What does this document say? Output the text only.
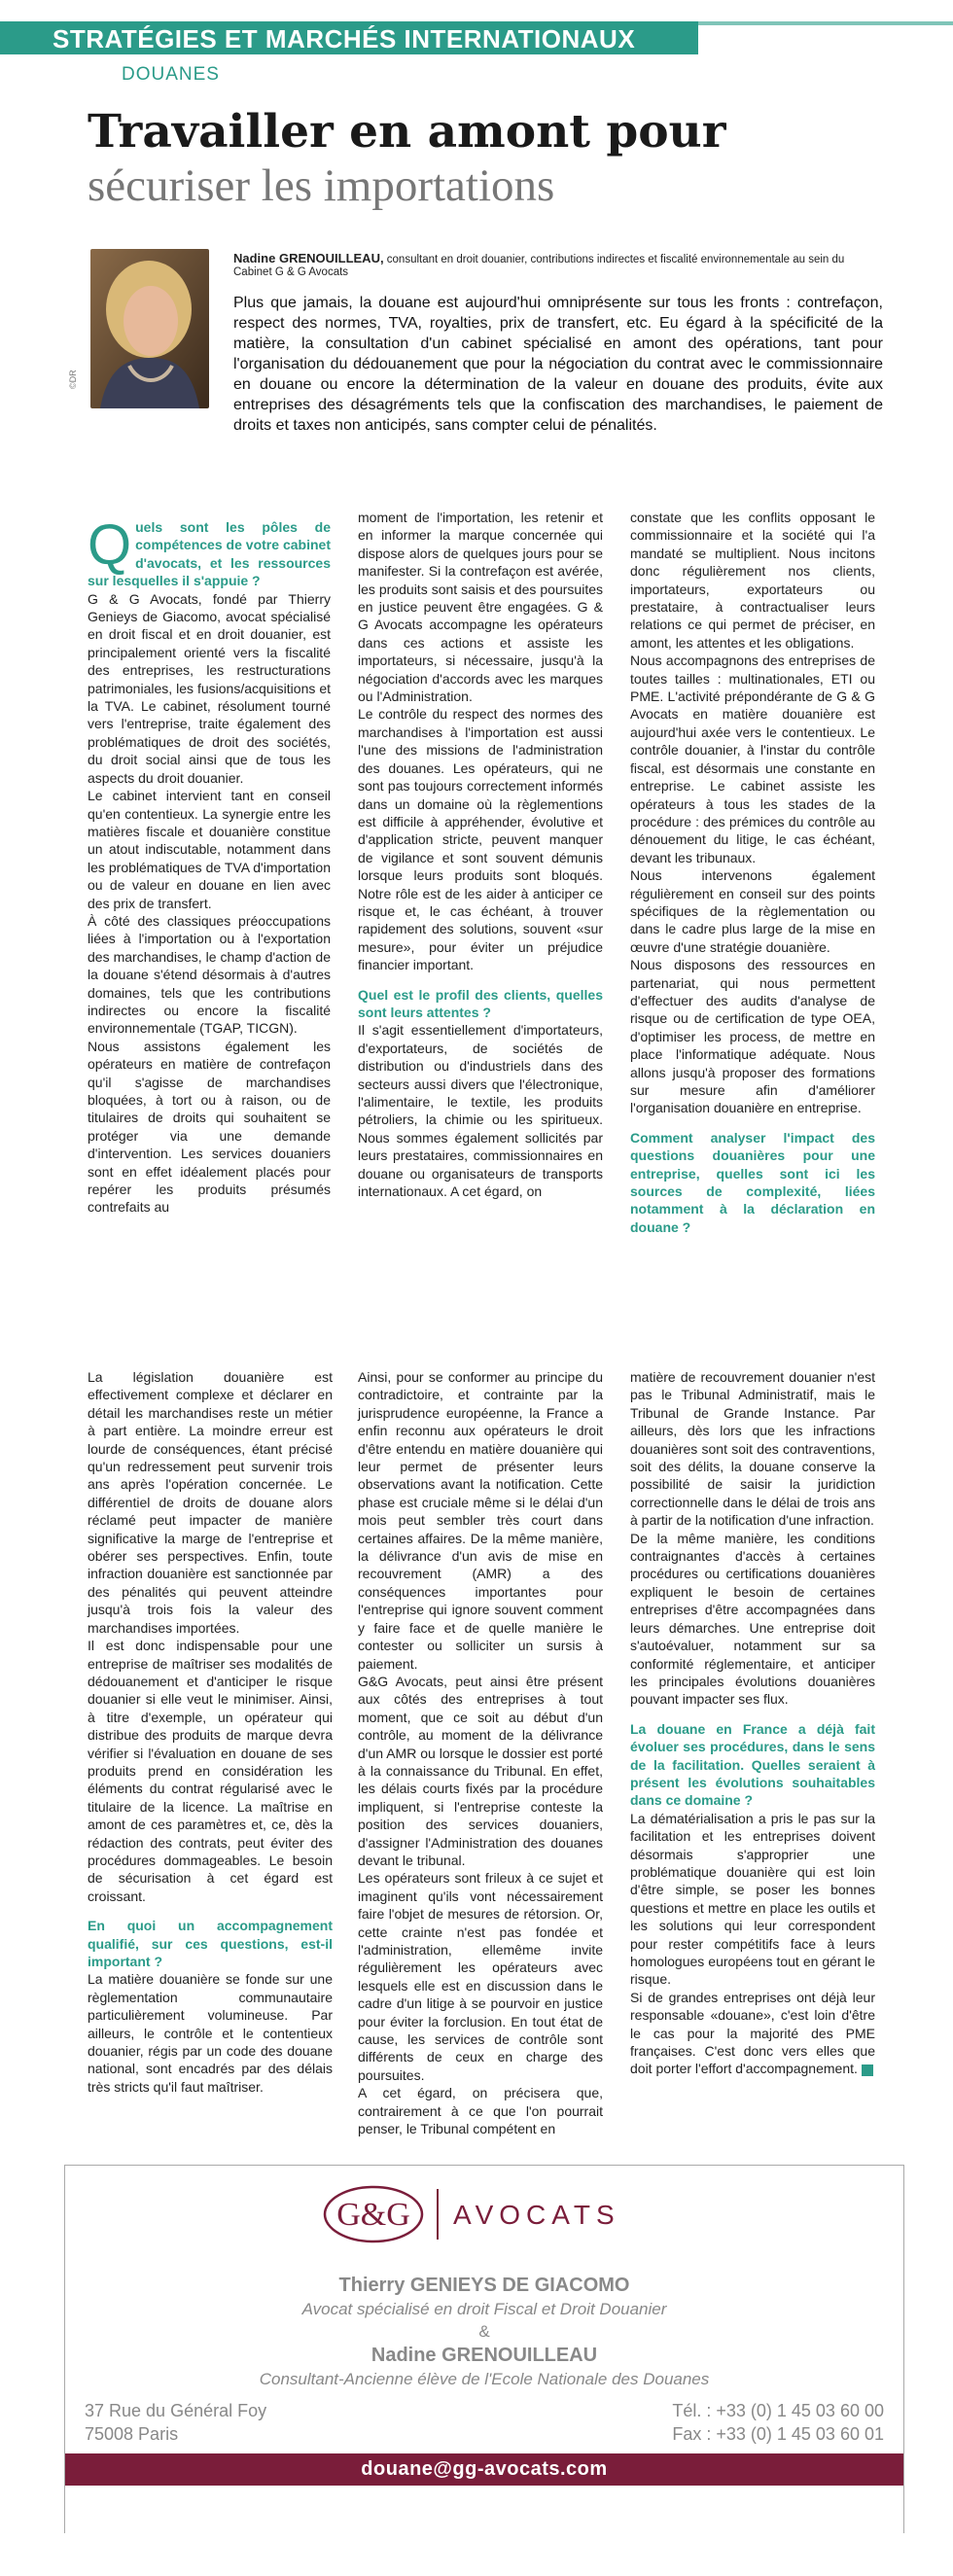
STRATÉGIES ET MARCHÉS INTERNATIONAUX
DOUANES
Travailler en amont pour
sécuriser les importations
©DR
Nadine GRENOUILLEAU, consultant en droit douanier, contributions indirectes et fiscalité environnementale au sein du Cabinet G & G Avocats
Plus que jamais, la douane est aujourd'hui omniprésente sur tous les fronts : contrefaçon, respect des normes, TVA, royalties, prix de transfert, etc. Eu égard à la spécificité de la matière, la consultation d'un cabinet spécialisé en amont des opérations, tant pour l'organisation du dédouanement que pour la négociation du contrat avec le commissionnaire en douane ou encore la détermination de la valeur en douane des produits, évite aux entreprises des désagréments tels que la confiscation des marchandises, le paiement de droits et taxes non anticipés, sans compter celui de pénalités.

Quels sont les pôles de compétences de votre cabinet d'avocats, et les ressources sur lesquelles il s'appuie ?

G & G Avocats, fondé par Thierry Genieys de Giacomo, avocat spécialisé en droit fiscal et en droit douanier, est principalement orienté vers la fiscalité des entreprises, les restructurations patrimoniales, les fusions/acquisitions et la TVA. Le cabinet, résolument tourné vers l'entreprise, traite également des problématiques de droit des sociétés, du droit social ainsi que de tous les aspects du droit douanier.

Le cabinet intervient tant en conseil qu'en contentieux. La synergie entre les matières fiscale et douanière constitue un atout indiscutable, notamment dans les problématiques de TVA d'importation ou de valeur en douane en lien avec des prix de transfert.

À côté des classiques préoccupations liées à l'importation ou à l'exportation des marchandises, le champ d'action de la douane s'étend désormais à d'autres domaines, tels que les contributions indirectes ou encore la fiscalité environnementale (TGAP, TICGN).

Nous assistons également les opérateurs en matière de contrefaçon qu'il s'agisse de marchandises bloquées, à tort ou à raison, ou de titulaires de droits qui souhaitent se protéger via une demande d'intervention. Les services douaniers sont en effet idéalement placés pour repérer les produits présumés contrefaits au

moment de l'importation, les retenir et en informer la marque concernée qui dispose alors de quelques jours pour se manifester. Si la contrefaçon est avérée, les produits sont saisis et des poursuites en justice peuvent être engagées. G & G Avocats accompagne les opérateurs dans ces actions et assiste les importateurs, si nécessaire, jusqu'à la négociation d'accords avec les marques ou l'Administration.

Le contrôle du respect des normes des marchandises à l'importation est aussi l'une des missions de l'administration des douanes. Les opérateurs, qui ne sont pas toujours correctement informés dans un domaine où la règlementions est difficile à appréhender, évolutive et d'application stricte, peuvent manquer de vigilance et sont souvent démunis lorsque leurs produits sont bloqués. Notre rôle est de les aider à anticiper ce risque et, le cas échéant, à trouver rapidement des solutions, souvent «sur mesure», pour éviter un préjudice financier important.

Quel est le profil des clients, quelles sont leurs attentes ?

Il s'agit essentiellement d'importateurs, d'exportateurs, de sociétés de distribution ou d'industriels dans des secteurs aussi divers que l'électronique, l'alimentaire, le textile, les produits pétroliers, la chimie ou les spiritueux. Nous sommes également sollicités par leurs prestataires, commissionnaires en douane ou organisateurs de transports internationaux. A cet égard, on

constate que les conflits opposant le commissionnaire et la société qui l'a mandaté se multiplient. Nous incitons donc régulièrement nos clients, importateurs, exportateurs ou prestataire, à contractualiser leurs relations ce qui permet de préciser, en amont, les attentes et les obligations.

Nous accompagnons des entreprises de toutes tailles : multinationales, ETI ou PME. L'activité prépondérante de G & G Avocats en matière douanière est aujourd'hui axée vers le contentieux. Le contrôle douanier, à l'instar du contrôle fiscal, est désormais une constante en entreprise. Le cabinet assiste les opérateurs à tous les stades de la procédure : des prémices du contrôle au dénouement du litige, le cas échéant, devant les tribunaux.

Nous intervenons également régulièrement en conseil sur des points spécifiques de la règlementation ou dans le cadre plus large de la mise en œuvre d'une stratégie douanière.

Nous disposons des ressources en partenariat, qui nous permettent d'effectuer des audits d'analyse de risque ou de certification de type OEA, d'optimiser les process, de mettre en place l'informatique adéquate. Nous allons jusqu'à proposer des formations sur mesure afin d'améliorer l'organisation douanière en entreprise.

Comment analyser l'impact des questions douanières pour une entreprise, quelles sont ici les sources de complexité, liées notamment à la déclaration en douane ?

La législation douanière est effectivement complexe et déclarer en détail les marchandises reste un métier à part entière. La moindre erreur est lourde de conséquences, étant précisé qu'un redressement peut survenir trois ans après l'opération concernée. Le différentiel de droits de douane alors réclamé peut impacter de manière significative la marge de l'entreprise et obérer ses perspectives. Enfin, toute infraction douanière est sanctionnée par des pénalités qui peuvent atteindre jusqu'à trois fois la valeur des marchandises importées.

Il est donc indispensable pour une entreprise de maîtriser ses modalités de dédouanement et d'anticiper le risque douanier si elle veut le minimiser. Ainsi, à titre d'exemple, un opérateur qui distribue des produits de marque devra vérifier si l'évaluation en douane de ses produits prend en considération les éléments du contrat régularisé avec le titulaire de la licence. La maîtrise en amont de ces paramètres et, ce, dès la rédaction des contrats, peut éviter des procédures dommageables. Le besoin de sécurisation à cet égard est croissant.

En quoi un accompagnement qualifié, sur ces questions, est-il important ?

La matière douanière se fonde sur une règlementation communautaire particulièrement volumineuse. Par ailleurs, le contrôle et le contentieux douanier, régis par un code des douane national, sont encadrés par des délais très stricts qu'il faut maîtriser.

Ainsi, pour se conformer au principe du contradictoire, et contrainte par la jurisprudence européenne, la France a enfin reconnu aux opérateurs le droit d'être entendu en matière douanière qui leur permet de présenter leurs observations avant la notification. Cette phase est cruciale même si le délai d'un mois peut sembler très court dans certaines affaires. De la même manière, la délivrance d'un avis de mise en recouvrement (AMR) a des conséquences importantes pour l'entreprise qui ignore souvent comment y faire face et de quelle manière le contester ou solliciter un sursis à paiement.

G&G Avocats, peut ainsi être présent aux côtés des entreprises à tout moment, que ce soit au début d'un contrôle, au moment de la délivrance d'un AMR ou lorsque le dossier est porté à la connaissance du Tribunal. En effet, les délais courts fixés par la procédure impliquent, si l'entreprise conteste la position des services douaniers, d'assigner l'Administration des douanes devant le tribunal.

Les opérateurs sont frileux à ce sujet et imaginent qu'ils vont nécessairement faire l'objet de mesures de rétorsion. Or, cette crainte n'est pas fondée et l'administration, ellemême invite régulièrement les opérateurs avec lesquels elle est en discussion dans le cadre d'un litige à se pourvoir en justice pour éviter la forclusion. En tout état de cause, les services de contrôle sont différents de ceux en charge des poursuites.

A cet égard, on précisera que, contrairement à ce que l'on pourrait penser, le Tribunal compétent en

matière de recouvrement douanier n'est pas le Tribunal Administratif, mais le Tribunal de Grande Instance. Par ailleurs, dès lors que les infractions douanières sont soit des contraventions, soit des délits, la douane conserve la possibilité de saisir la juridiction correctionnelle dans le délai de trois ans à partir de la notification d'une infraction.

De la même manière, les conditions contraignantes d'accès à certaines procédures ou certifications douanières expliquent le besoin de certaines entreprises d'être accompagnées dans leurs démarches. Une entreprise doit s'autoévaluer, notamment sur sa conformité réglementaire, et anticiper les principales évolutions douanières pouvant impacter ses flux.

La douane en France a déjà fait évoluer ses procédures, dans le sens de la facilitation. Quelles seraient à présent les évolutions souhaitables dans ce domaine ?

La dématérialisation a pris le pas sur la facilitation et les entreprises doivent désormais s'approprier une problématique douanière qui est loin d'être simple, se poser les bonnes questions et mettre en place les outils et les solutions qui leur correspondent pour rester compétitifs face à leurs homologues européens tout en gérant le risque.

Si de grandes entreprises ont déjà leur responsable «douane», c'est loin d'être le cas pour la majorité des PME françaises. C'est donc vers elles que doit porter l'effort d'accompagnement.

G&G AVOCATS
Thierry GENIEYS DE GIACOMO
Avocat spécialisé en droit Fiscal et Droit Douanier
&
Nadine GRENOUILLEAU
Consultant-Ancienne élève de l'Ecole Nationale des Douanes
37 Rue du Général Foy
75008 Paris
Tél. : +33 (0) 1 45 03 60 00
Fax : +33 (0) 1 45 03 60 01
douane@gg-avocats.com
